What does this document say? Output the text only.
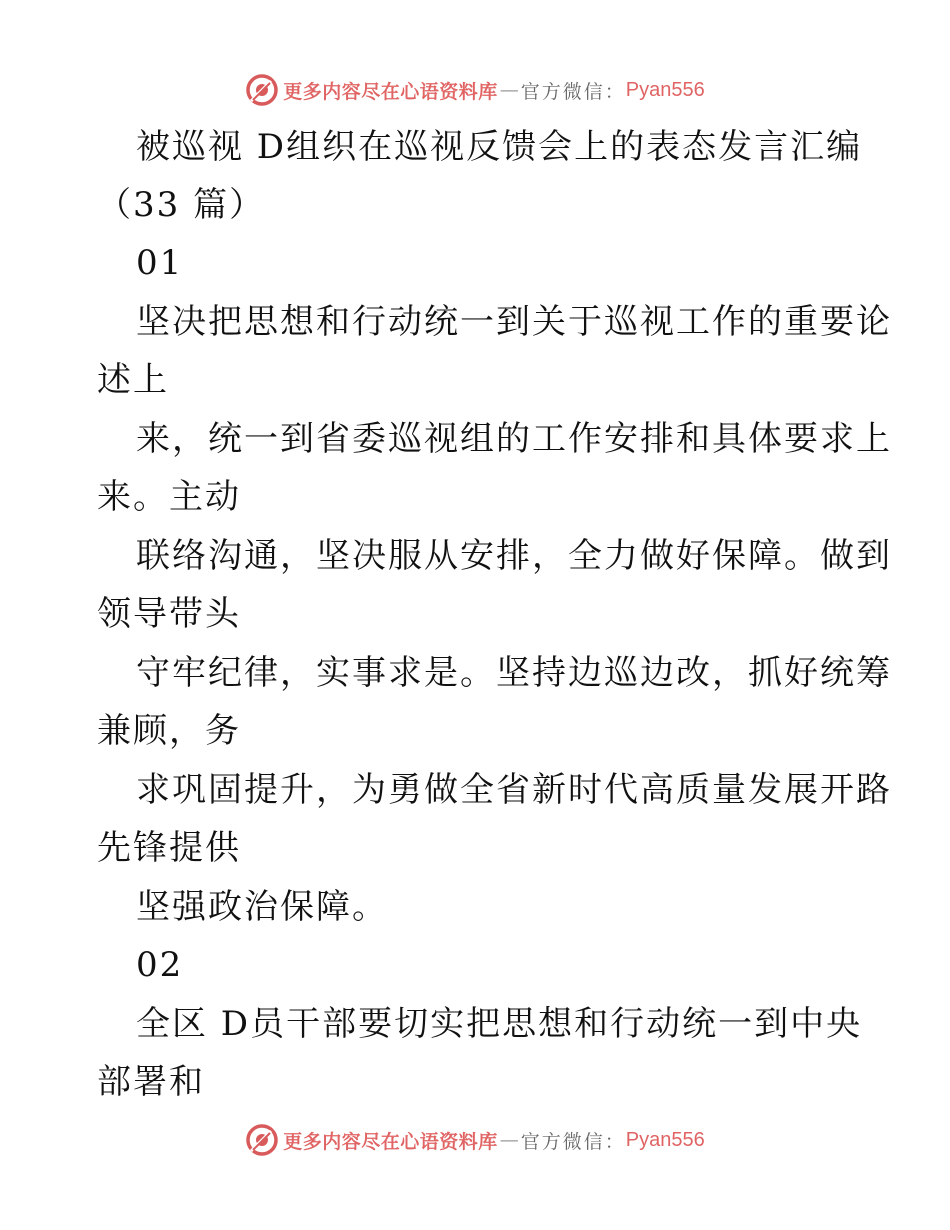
更多内容尽在心语资料库 — 官方微信： Pyan556
被巡视 D组织在巡视反馈会上的表态发言汇编
（33 篇）
01
坚决把思想和行动统一到关于巡视工作的重要论
述上
来，统一到省委巡视组的工作安排和具体要求上
来。主动
联络沟通，坚决服从安排，全力做好保障。做到
领导带头
守牢纪律，实事求是。坚持边巡边改，抓好统筹
兼顾，务
求巩固提升，为勇做全省新时代高质量发展开路
先锋提供
坚强政治保障。
02
全区 D员干部要切实把思想和行动统一到中央
部署和
更多内容尽在心语资料库 — 官方微信： Pyan556
